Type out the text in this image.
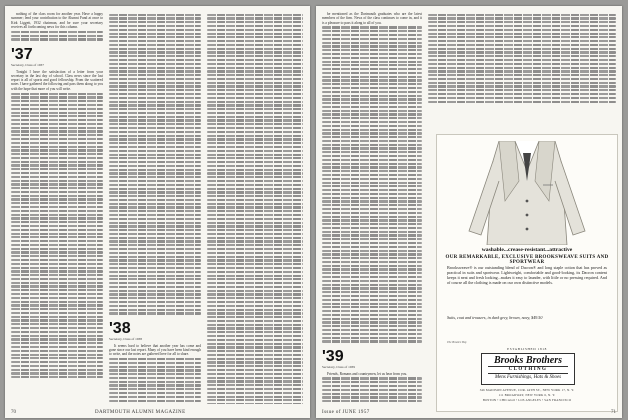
nothing of the class room for another year. Have a happy summer; lend your contribution to the Alumni Fund at once to Kirk Liggett, 1932 chairman, and be sure your secretary receives all forthcoming news for this column.

'37
Secretary, Class of 1937

Tonight I have the satisfaction of a letter from your secretary in the last day of school. Class news since the last report is all of sports and good fellowship. From the scattered notes I have gathered the following and pass them along to you with the hope that more of you will write.

'38
Secretary, Class of 1938

It seems hard to believe that another year has come and gone since our last report. Many of you have been kind enough to write, and the notes are gathered here for all to share.

70	DARTMOUTH ALUMNI MAGAZINE

be mentioned as the Dartmouth graduates who are the latest members of the firm. News of the class continues to come in, and it is a pleasure to pass it along to all of you.

'39
Secretary, Class of 1939

Friends, Romans and countrymen, let us hear from you.

washable...crease-resistant...attractive
OUR REMARKABLE, EXCLUSIVE BROOKSWEAVE SUITS AND SPORTWEAR
Brooksweave® is our outstanding blend of Dacron® and long staple cotton that has proved as practical in suits and sportwear. Lightweight, comfortable and good-looking, its Dacron content keeps it neat and fresh looking...makes it easy to launder, with little or no pressing required. And of course all the clothing is made on our own distinctive models.
Suits, coat and trousers, in dark grey, brown, navy, $49.50
The Brook's Boy
ESTABLISHED 1818
Brooks Brothers
CLOTHING
Mens Furnishings, Hats & Shoes
346 MADISON AVENUE, COR. 44TH ST., NEW YORK 17, N. Y.
111 BROADWAY, NEW YORK 6, N. Y.
BOSTON • CHICAGO • LOS ANGELES • SAN FRANCISCO
Issue of JUNE 1957	71
